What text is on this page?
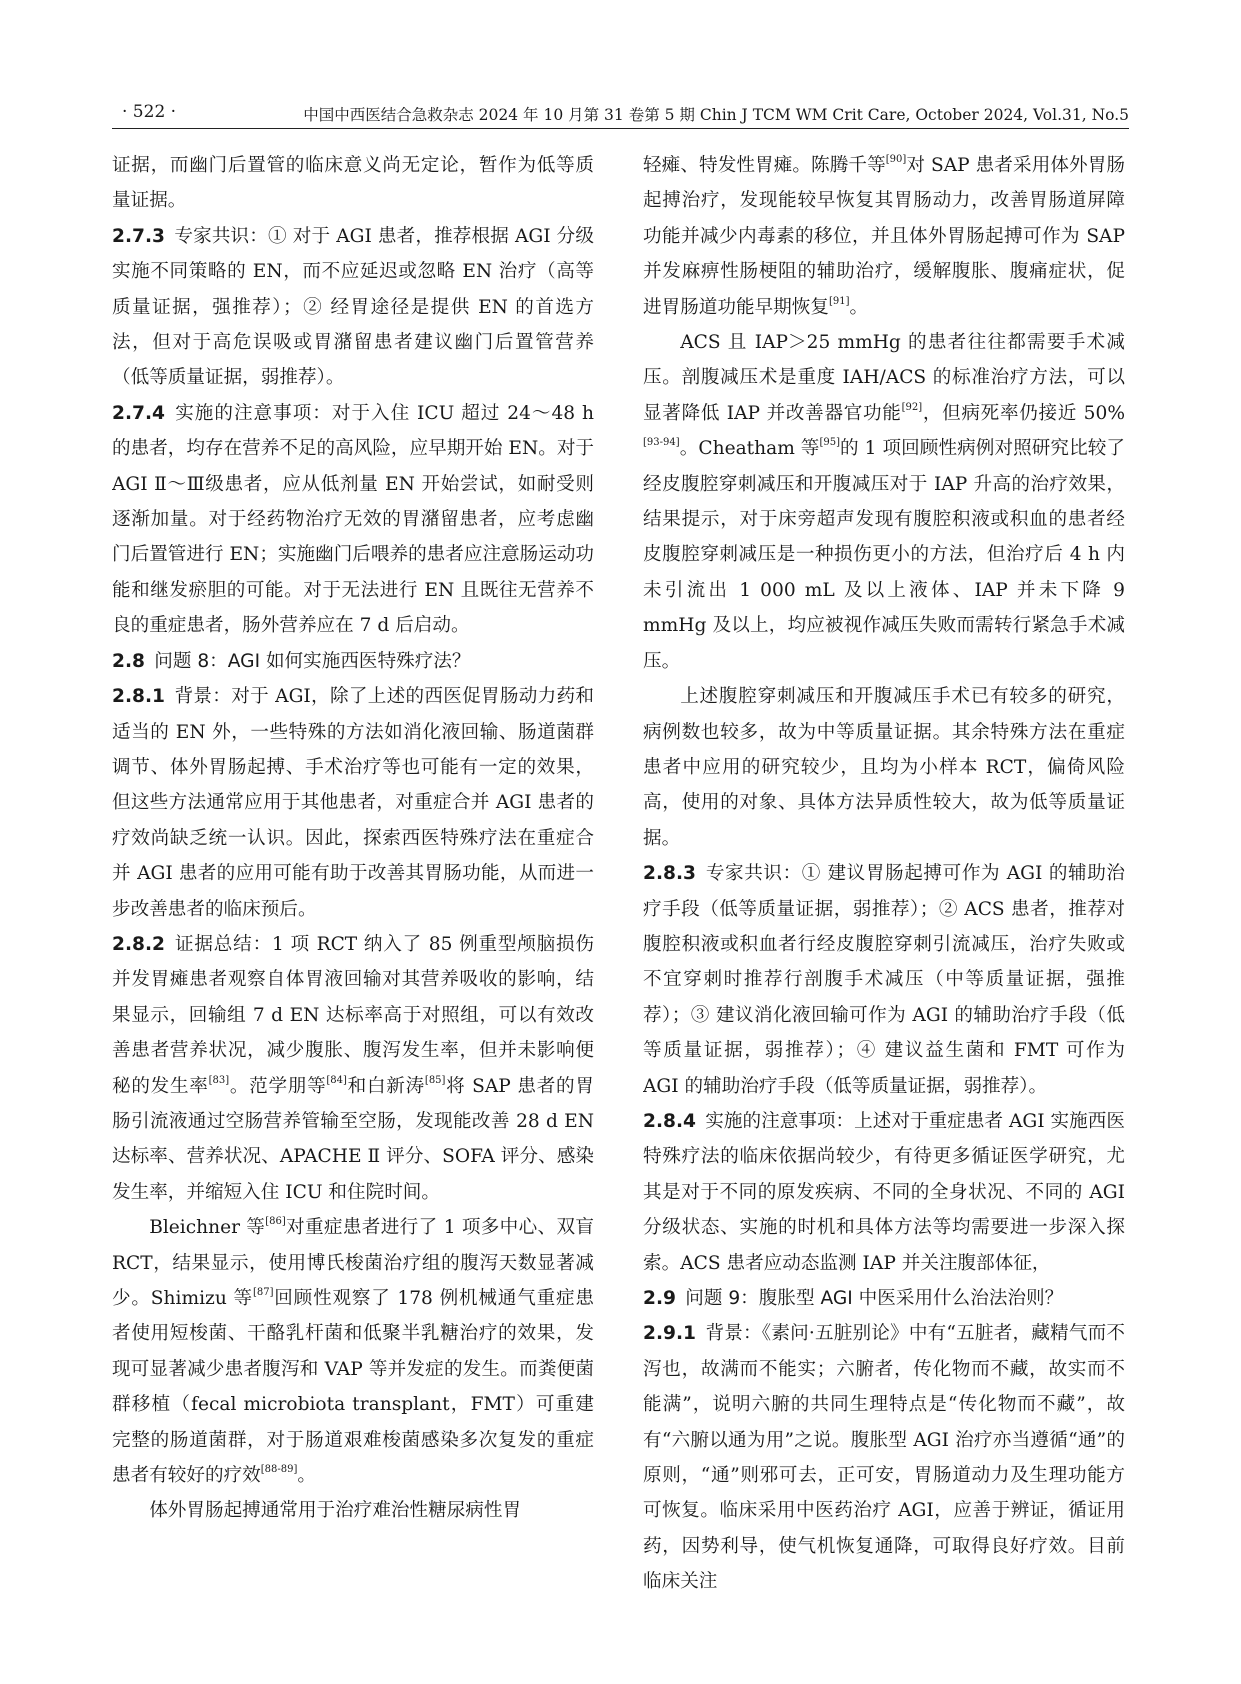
· 522 ·	中国中西医结合急救杂志 2024 年 10 月第 31 卷第 5 期 Chin J TCM WM Crit Care, October 2024, Vol.31, No.5

证据，而幽门后置管的临床意义尚无定论，暂作为低等质量证据。

2.7.3 专家共识：① 对于 AGI 患者，推荐根据 AGI 分级实施不同策略的 EN，而不应延迟或忽略 EN 治疗（高等质量证据，强推荐）；② 经胃途径是提供 EN 的首选方法，但对于高危误吸或胃潴留患者建议幽门后置管营养（低等质量证据，弱推荐）。

2.7.4 实施的注意事项：对于入住 ICU 超过 24～48 h 的患者，均存在营养不足的高风险，应早期开始 EN。对于 AGI Ⅱ～Ⅲ级患者，应从低剂量 EN 开始尝试，如耐受则逐渐加量。对于经药物治疗无效的胃潴留患者，应考虑幽门后置管进行 EN；实施幽门后喂养的患者应注意肠运动功能和继发瘀胆的可能。对于无法进行 EN 且既往无营养不良的重症患者，肠外营养应在 7 d 后启动。

2.8 问题 8：AGI 如何实施西医特殊疗法？

2.8.1 背景：对于 AGI，除了上述的西医促胃肠动力药和适当的 EN 外，一些特殊的方法如消化液回输、肠道菌群调节、体外胃肠起搏、手术治疗等也可能有一定的效果，但这些方法通常应用于其他患者，对重症合并 AGI 患者的疗效尚缺乏统一认识。因此，探索西医特殊疗法在重症合并 AGI 患者的应用可能有助于改善其胃肠功能，从而进一步改善患者的临床预后。

2.8.2 证据总结：1 项 RCT 纳入了 85 例重型颅脑损伤并发胃瘫患者观察自体胃液回输对其营养吸收的影响，结果显示，回输组 7 d EN 达标率高于对照组，可以有效改善患者营养状况，减少腹胀、腹泻发生率，但并未影响便秘的发生率[83]。范学朋等[84]和白新涛[85]将 SAP 患者的胃肠引流液通过空肠营养管输至空肠，发现能改善 28 d EN 达标率、营养状况、APACHE Ⅱ 评分、SOFA 评分、感染发生率，并缩短入住 ICU 和住院时间。

Bleichner 等[86]对重症患者进行了 1 项多中心、双盲 RCT，结果显示，使用博氏梭菌治疗组的腹泻天数显著减少。Shimizu 等[87]回顾性观察了 178 例机械通气重症患者使用短梭菌、干酪乳杆菌和低聚半乳糖治疗的效果，发现可显著减少患者腹泻和 VAP 等并发症的发生。而粪便菌群移植（fecal microbiota transplant，FMT）可重建完整的肠道菌群，对于肠道艰难梭菌感染多次复发的重症患者有较好的疗效[88-89]。

体外胃肠起搏通常用于治疗难治性糖尿病性胃

轻瘫、特发性胃瘫。陈腾千等[90]对 SAP 患者采用体外胃肠起搏治疗，发现能较早恢复其胃肠动力，改善胃肠道屏障功能并减少内毒素的移位，并且体外胃肠起搏可作为 SAP 并发麻痹性肠梗阻的辅助治疗，缓解腹胀、腹痛症状，促进胃肠道功能早期恢复[91]。

ACS 且 IAP＞25 mmHg 的患者往往都需要手术减压。剖腹减压术是重度 IAH/ACS 的标准治疗方法，可以显著降低 IAP 并改善器官功能[92]，但病死率仍接近 50%[93-94]。Cheatham 等[95]的 1 项回顾性病例对照研究比较了经皮腹腔穿刺减压和开腹减压对于 IAP 升高的治疗效果，结果提示，对于床旁超声发现有腹腔积液或积血的患者经皮腹腔穿刺减压是一种损伤更小的方法，但治疗后 4 h 内未引流出 1 000 mL 及以上液体、IAP 并未下降 9 mmHg 及以上，均应被视作减压失败而需转行紧急手术减压。

上述腹腔穿刺减压和开腹减压手术已有较多的研究，病例数也较多，故为中等质量证据。其余特殊方法在重症患者中应用的研究较少，且均为小样本 RCT，偏倚风险高，使用的对象、具体方法异质性较大，故为低等质量证据。

2.8.3 专家共识：① 建议胃肠起搏可作为 AGI 的辅助治疗手段（低等质量证据，弱推荐）；② ACS 患者，推荐对腹腔积液或积血者行经皮腹腔穿刺引流减压，治疗失败或不宜穿刺时推荐行剖腹手术减压（中等质量证据，强推荐）；③ 建议消化液回输可作为 AGI 的辅助治疗手段（低等质量证据，弱推荐）；④ 建议益生菌和 FMT 可作为 AGI 的辅助治疗手段（低等质量证据，弱推荐）。

2.8.4 实施的注意事项：上述对于重症患者 AGI 实施西医特殊疗法的临床依据尚较少，有待更多循证医学研究，尤其是对于不同的原发疾病、不同的全身状况、不同的 AGI 分级状态、实施的时机和具体方法等均需要进一步深入探索。ACS 患者应动态监测 IAP 并关注腹部体征，

2.9 问题 9：腹胀型 AGI 中医采用什么治法治则？

2.9.1 背景：《素问·五脏别论》中有“五脏者，藏精气而不泻也，故满而不能实；六腑者，传化物而不藏，故实而不能满”，说明六腑的共同生理特点是“传化物而不藏”，故有“六腑以通为用”之说。腹胀型 AGI 治疗亦当遵循“通”的原则，“通”则邪可去，正可安，胃肠道动力及生理功能方可恢复。临床采用中医药治疗 AGI，应善于辨证，循证用药，因势利导，使气机恢复通降，可取得良好疗效。目前临床关注
